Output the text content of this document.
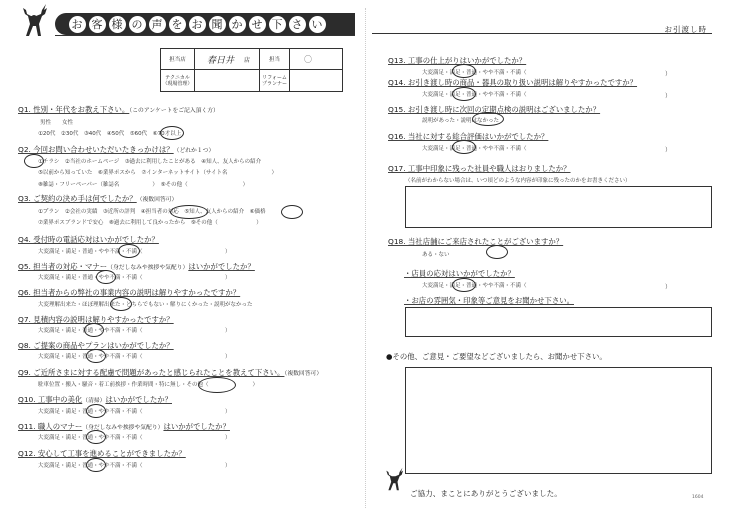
お 客 様 の 声 を お 聞 か せ 下 さ い
担当店	春日井 店	担当	〇
テクニカル（現場管理）
リフォームプランナー
Q1. 性別・年代をお教え下さい。（このアンケートをご記入頂く方）
男性　　女性
①20代　②30代　③40代　④50代　⑤60代　⑥70才以上
Q2. 今回お問い合わせいただいたきっかけは？（どれか１つ）
①チラシ　②当社のホームページ　③過去に利用したことがある　④知人、友人からの紹介
⑤以前から知っていた　⑥業界ポスから　⑦インターネットサイト（サイト名　　　　　　　　）
⑧雑誌・フリーペーパー（雑誌名　　　　　　）　⑨その他（　　　　　　　　　　）
Q3. ご契約の決め手は何でしたか？（複数回答可）
①プラン　②会社の実績　③近所の評判　④担当者の対応　⑤知人、友人からの紹介　⑥価格
⑦業界ポスブランドで安心　⑧過去に利用して良かったから　⑨その他（　　　　　　　）
Q4. 受付時の電話応対はいかがでしたか？
大変満足・満足・普通・やや不満・不満（　　　　　　　　　　　　　　　）
Q5. 担当者の対応・マナー（身だしなみや挨拶や気配り）はいかがでしたか？
大変満足・満足・普通・やや不満・不満（　　　　　　　　　　　　　　　）
Q6. 担当者からの弊社の事業内容の説明は解りやすかったですか？
大変理解出来た・ほぼ理解出来た・どちらでもない・解りにくかった・説明がなかった
Q7. 見積内容の説明は解りやすかったですか？
大変満足・満足・普通・やや不満・不満（　　　　　　　　　　　　　　　）
Q8. ご提案の商品やプランはいかがでしたか？
大変満足・満足・普通・やや不満・不満（　　　　　　　　　　　　　　　）
Q9. ご近所さまに対する配慮で問題があったと感じられたことを教えて下さい。（複数回答可）
駐車位置・搬入・騒音・着工前挨拶・作業時間・特に無し・その他（　　　　　　　　）
Q10. 工事中の美化（清掃）はいかがでしたか？
大変満足・満足・普通・やや不満・不満（　　　　　　　　　　　　　　　）
Q11. 職人のマナー（身だしなみや挨拶や気配り）はいかがでしたか？
大変満足・満足・普通・やや不満・不満（　　　　　　　　　　　　　　　）
Q12. 安心して工事を進めることができましたか？
大変満足・満足・普通・やや不満・不満（　　　　　　　　　　　　　　　）
お引渡し時
Q13. 工事の仕上がりはいかがでしたか？
大変満足・満足・普通・やや不満・不満（	）
Q14. お引き渡し時の商品・器具の取り扱い説明は解りやすかったですか？
大変満足・満足・普通・やや不満・不満（	）
Q15. お引き渡し時に次回の定期点検の説明はございましたか？
説明があった・説明はなかった
Q16. 当社に対する総合評価はいかがでしたか？
大変満足・満足・普通・やや不満・不満（	）
Q17. 工事中印象に残った社員や職人はおりましたか？
（名前がわからない場合は、いつ頃どのような内容が印象に残ったのかをお書きください）
Q18. 当社店舗にご来店されたことがございますか？
ある・ない
・店員の応対はいかがでしたか？
大変満足・満足・普通・やや不満・不満（	）
・お店の雰囲気・印象等ご意見をお聞かせ下さい。
●その他、ご意見・ご要望などございましたら、お聞かせ下さい。
ご協力、まことにありがとうございました。	1604
